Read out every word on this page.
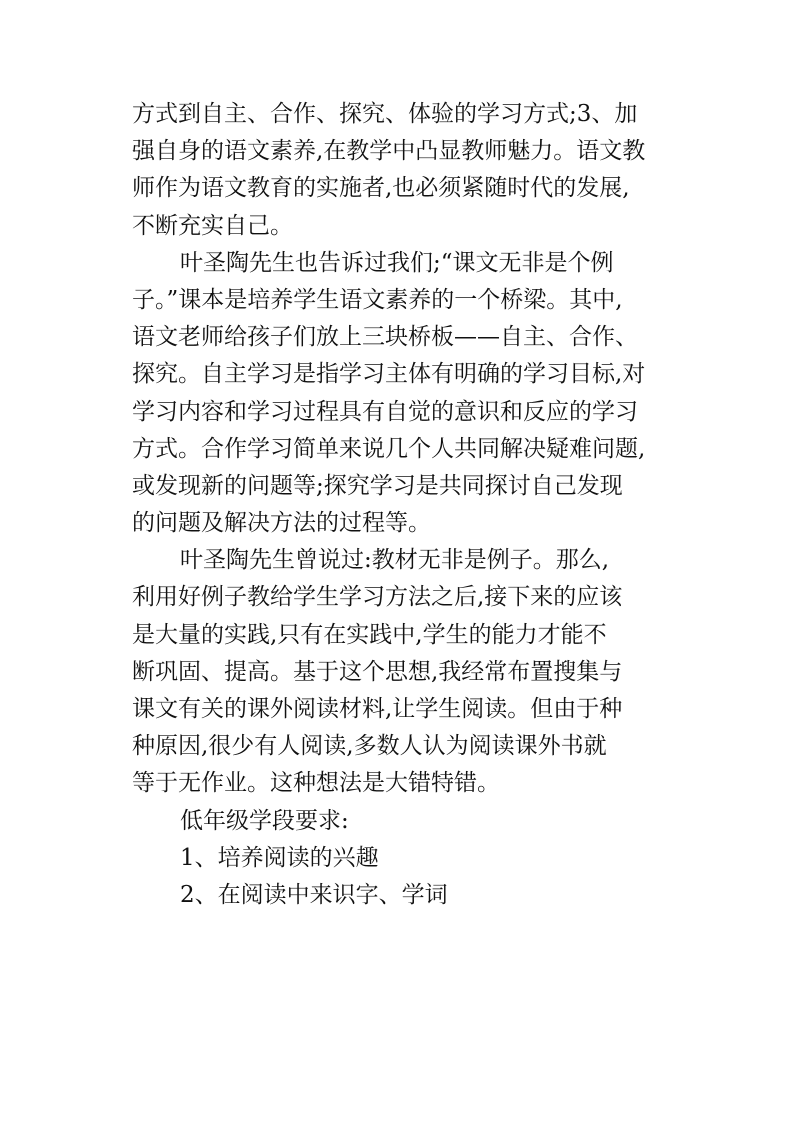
方式到自主、合作、探究、体验的学习方式;3、加
强自身的语文素养,在教学中凸显教师魅力。语文教
师作为语文教育的实施者,也必须紧随时代的发展,
不断充实自己。
叶圣陶先生也告诉过我们;“课文无非是个例
子。”课本是培养学生语文素养的一个桥梁。其中,
语文老师给孩子们放上三块桥板——自主、合作、
探究。自主学习是指学习主体有明确的学习目标,对
学习内容和学习过程具有自觉的意识和反应的学习
方式。合作学习简单来说几个人共同解决疑难问题,
或发现新的问题等;探究学习是共同探讨自己发现
的问题及解决方法的过程等。
叶圣陶先生曾说过:教材无非是例子。那么,
利用好例子教给学生学习方法之后,接下来的应该
是大量的实践,只有在实践中,学生的能力才能不
断巩固、提高。基于这个思想,我经常布置搜集与
课文有关的课外阅读材料,让学生阅读。但由于种
种原因,很少有人阅读,多数人认为阅读课外书就
等于无作业。这种想法是大错特错。
低年级学段要求:
1、培养阅读的兴趣
2、在阅读中来识字、学词
